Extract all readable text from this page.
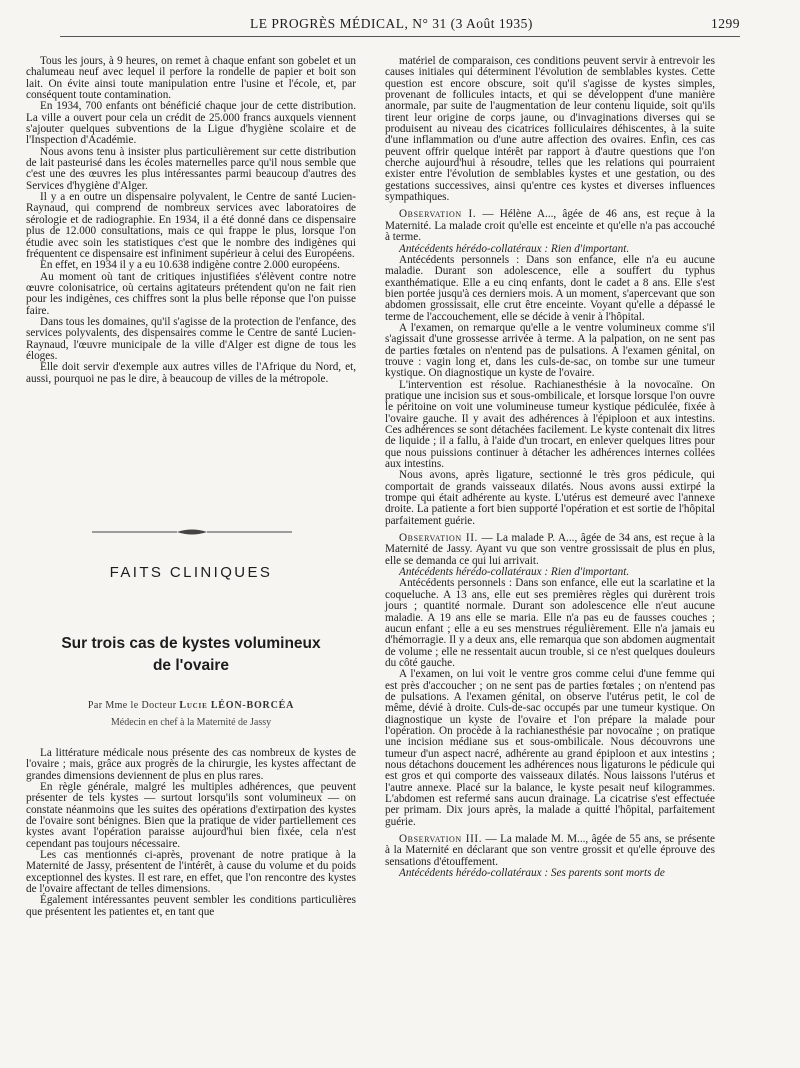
LE PROGRÈS MÉDICAL, N° 31 (3 Août 1935)	1299

Tous les jours, à 9 heures, on remet à chaque enfant son gobelet et un chalumeau neuf avec lequel il perfore la rondelle de papier et boit son lait. On évite ainsi toute manipulation entre l'usine et l'école, et, par conséquent toute contamination.

En 1934, 700 enfants ont bénéficié chaque jour de cette distribution. La ville a ouvert pour cela un crédit de 25.000 francs auxquels viennent s'ajouter quelques subventions de la Ligue d'hygiène scolaire et de l'Inspection d'Académie.

Nous avons tenu à insister plus particulièrement sur cette distribution de lait pasteurisé dans les écoles maternelles parce qu'il nous semble que c'est une des œuvres les plus intéressantes parmi beaucoup d'autres des Services d'hygiène d'Alger.

Il y a en outre un dispensaire polyvalent, le Centre de santé Lucien-Raynaud, qui comprend de nombreux services avec laboratoires de sérologie et de radiographie. En 1934, il a été donné dans ce dispensaire plus de 12.000 consultations, mais ce qui frappe le plus, lorsque l'on étudie avec soin les statistiques c'est que le nombre des indigènes qui fréquentent ce dispensaire est infiniment supérieur à celui des Européens.

En effet, en 1934 il y a eu 10.638 indigène contre 2.000 européens.

Au moment où tant de critiques injustifiées s'élèvent contre notre œuvre colonisatrice, où certains agitateurs prétendent qu'on ne fait rien pour les indigènes, ces chiffres sont la plus belle réponse que l'on puisse faire.

Dans tous les domaines, qu'il s'agisse de la protection de l'enfance, des services polyvalents, des dispensaires comme le Centre de santé Lucien-Raynaud, l'œuvre municipale de la ville d'Alger est digne de tous les éloges.

Elle doit servir d'exemple aux autres villes de l'Afrique du Nord, et, aussi, pourquoi ne pas le dire, à beaucoup de villes de la métropole.

FAITS CLINIQUES
Sur trois cas de kystes volumineux
de l'ovaire
Par Mme le Docteur Lucie LÉON-BORCÉA
Médecin en chef à la Maternité de Jassy

La littérature médicale nous présente des cas nombreux de kystes de l'ovaire ; mais, grâce aux progrès de la chirurgie, les kystes affectant de grandes dimensions deviennent de plus en plus rares.

En règle générale, malgré les multiples adhérences, que peuvent présenter de tels kystes — surtout lorsqu'ils sont volumineux — on constate néanmoins que les suites des opérations d'extirpation des kystes de l'ovaire sont bénignes. Bien que la pratique de vider partiellement ces kystes avant l'opération paraisse aujourd'hui bien fixée, cela n'est cependant pas toujours nécessaire.

Les cas mentionnés ci-après, provenant de notre pratique à la Maternité de Jassy, présentent de l'intérêt, à cause du volume et du poids exceptionnel des kystes. Il est rare, en effet, que l'on rencontre des kystes de l'ovaire affectant de telles dimensions.

Également intéressantes peuvent sembler les conditions particulières que présentent les patientes et, en tant que

matériel de comparaison, ces conditions peuvent servir à entrevoir les causes initiales qui déterminent l'évolution de semblables kystes. Cette question est encore obscure, soit qu'il s'agisse de kystes simples, provenant de follicules intacts, et qui se développent d'une manière anormale, par suite de l'augmentation de leur contenu liquide, soit qu'ils tirent leur origine de corps jaune, ou d'invaginations diverses qui se produisent au niveau des cicatrices folliculaires déhiscentes, à la suite d'une inflammation ou d'une autre affection des ovaires. Enfin, ces cas peuvent offrir quelque intérêt par rapport à d'autre questions que l'on cherche aujourd'hui à résoudre, telles que les relations qui pourraient exister entre l'évolution de semblables kystes et une gestation, ou des gestations successives, ainsi qu'entre ces kystes et diverses influences sympathiques.

Observation I. — Hélène A..., âgée de 46 ans, est reçue à la Maternité. La malade croit qu'elle est enceinte et qu'elle n'a pas accouché à terme.

Antécédents hérédo-collatéraux : Rien d'important.

Antécédents personnels : Dans son enfance, elle n'a eu aucune maladie. Durant son adolescence, elle a souffert du typhus exanthématique. Elle a eu cinq enfants, dont le cadet a 8 ans. Elle s'est bien portée jusqu'à ces derniers mois. A un moment, s'apercevant que son abdomen grossissait, elle crut être enceinte. Voyant qu'elle a dépassé le terme de l'accouchement, elle se décide à venir à l'hôpital.

A l'examen, on remarque qu'elle a le ventre volumineux comme s'il s'agissait d'une grossesse arrivée à terme. A la palpation, on ne sent pas de parties fœtales on n'entend pas de pulsations. A l'examen génital, on trouve : vagin long et, dans les culs-de-sac, on tombe sur une tumeur kystique. On diagnostique un kyste de l'ovaire.

L'intervention est résolue. Rachianesthésie à la novocaïne. On pratique une incision sus et sous-ombilicale, et lorsque lorsque l'on ouvre le péritoine on voit une volumineuse tumeur kystique pédiculée, fixée à l'ovaire gauche. Il y avait des adhérences à l'épiploon et aux intestins. Ces adhérences se sont détachées facilement. Le kyste contenait dix litres de liquide ; il a fallu, à l'aide d'un trocart, en enlever quelques litres pour que nous puissions continuer à détacher les adhérences internes collées aux intestins.

Nous avons, après ligature, sectionné le très gros pédicule, qui comportait de grands vaisseaux dilatés. Nous avons aussi extirpé la trompe qui était adhérente au kyste. L'utérus est demeuré avec l'annexe droite. La patiente a fort bien supporté l'opération et est sortie de l'hôpital parfaitement guérie.

Observation II. — La malade P. A..., âgée de 34 ans, est reçue à la Maternité de Jassy. Ayant vu que son ventre grossissait de plus en plus, elle se demanda ce qui lui arrivait.

Antécédents hérédo-collatéraux : Rien d'important.

Antécédents personnels : Dans son enfance, elle eut la scarlatine et la coqueluche. A 13 ans, elle eut ses premières règles qui durèrent trois jours ; quantité normale. Durant son adolescence elle n'eut aucune maladie. A 19 ans elle se maria. Elle n'a pas eu de fausses couches ; aucun enfant ; elle a eu ses menstrues régulièrement. Elle n'a jamais eu d'hémorragie. Il y a deux ans, elle remarqua que son abdomen augmentait de volume ; elle ne ressentait aucun trouble, si ce n'est quelques douleurs du côté gauche.

A l'examen, on lui voit le ventre gros comme celui d'une femme qui est près d'accoucher ; on ne sent pas de parties fœtales ; on n'entend pas de pulsations. A l'examen génital, on observe l'utérus petit, le col de même, dévié à droite. Culs-de-sac occupés par une tumeur kystique. On diagnostique un kyste de l'ovaire et l'on prépare la malade pour l'opération. On procède à la rachianesthésie par novocaïne ; on pratique une incision médiane sus et sous-ombilicale. Nous découvrons une tumeur d'un aspect nacré, adhérente au grand épiploon et aux intestins ; nous détachons doucement les adhérences nous ligaturons le pédicule qui est gros et qui comporte des vaisseaux dilatés. Nous laissons l'utérus et l'autre annexe. Placé sur la balance, le kyste pesait neuf kilogrammes. L'abdomen est refermé sans aucun drainage. La cicatrise s'est effectuée per primam. Dix jours après, la malade a quitté l'hôpital, parfaitement guérie.

Observation III. — La malade M. M..., âgée de 55 ans, se présente à la Maternité en déclarant que son ventre grossit et qu'elle éprouve des sensations d'étouffement.

Antécédents hérédo-collatéraux : Ses parents sont morts de
